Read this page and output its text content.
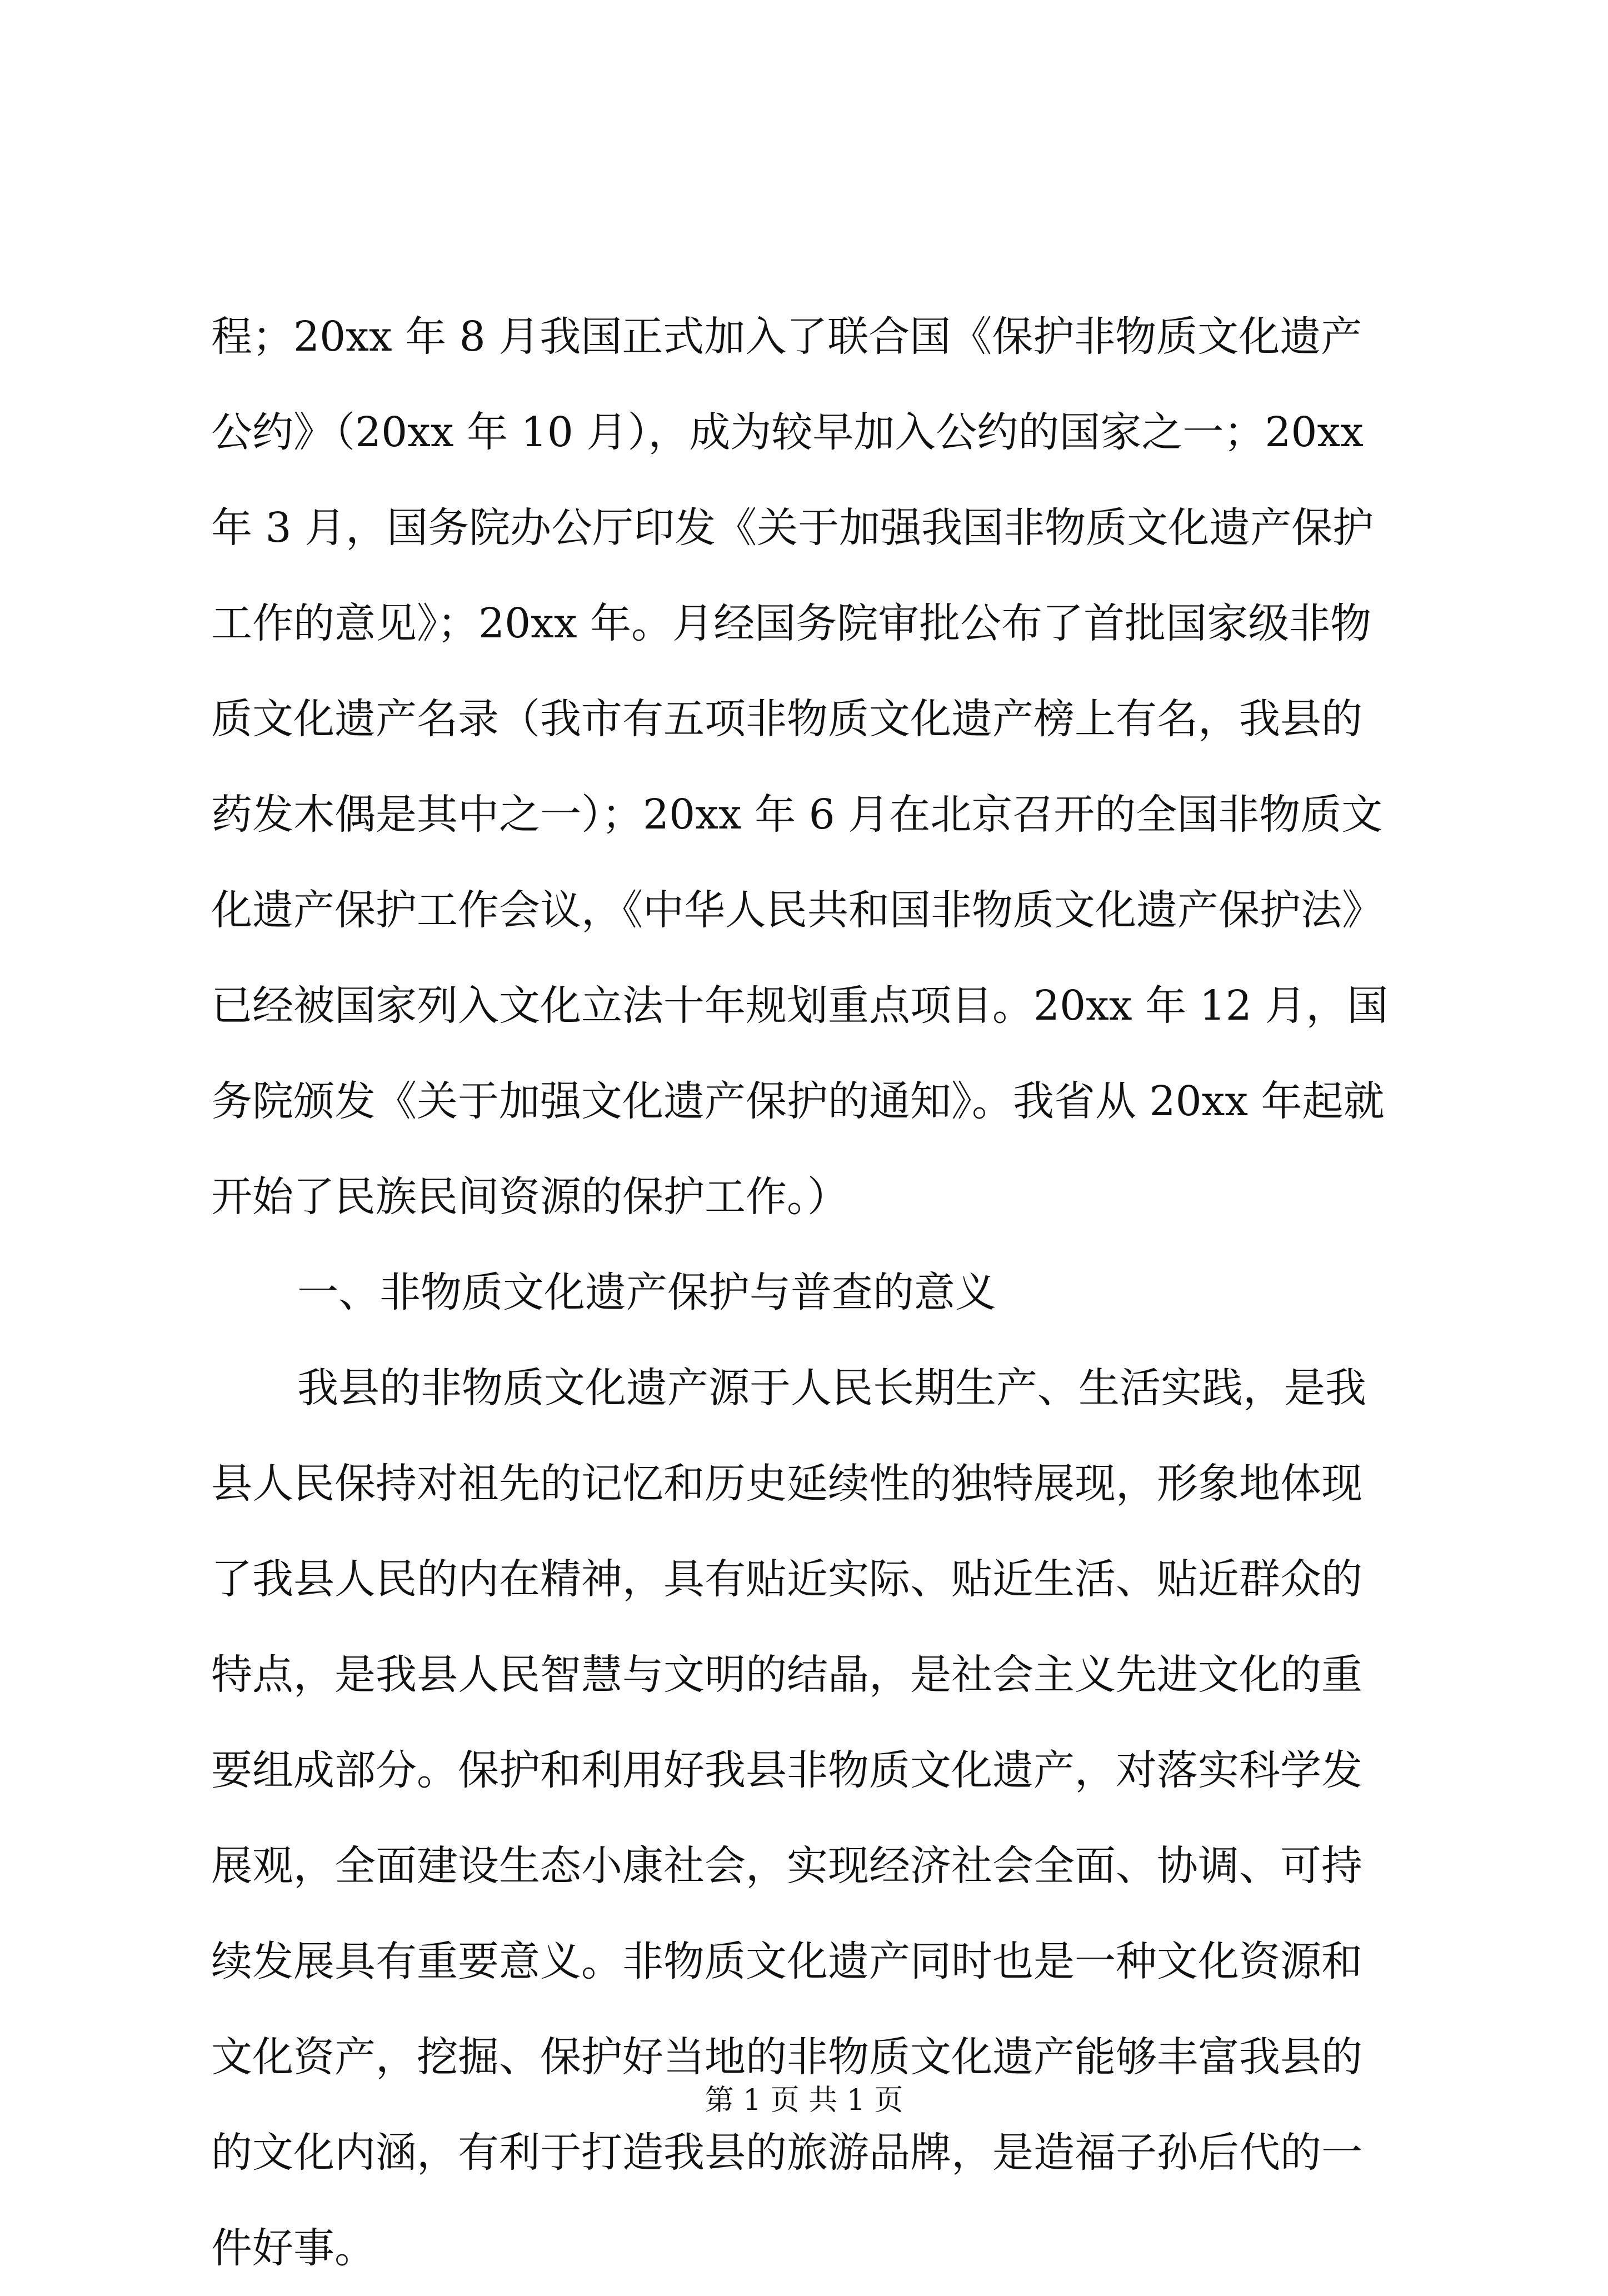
程；20xx 年 8 月我国正式加入了联合国《保护非物质文化遗产
公约》（20xx 年 10 月），成为较早加入公约的国家之一；20xx
年 3 月，国务院办公厅印发《关于加强我国非物质文化遗产保护
工作的意见》；20xx 年。月经国务院审批公布了首批国家级非物
质文化遗产名录（我市有五项非物质文化遗产榜上有名，我县的
药发木偶是其中之一）；20xx 年 6 月在北京召开的全国非物质文
化遗产保护工作会议，《中华人民共和国非物质文化遗产保护法》
已经被国家列入文化立法十年规划重点项目。20xx 年 12 月，国
务院颁发《关于加强文化遗产保护的通知》。我省从 20xx 年起就
开始了民族民间资源的保护工作。）
一、非物质文化遗产保护与普查的意义
我县的非物质文化遗产源于人民长期生产、生活实践，是我
县人民保持对祖先的记忆和历史延续性的独特展现，形象地体现
了我县人民的内在精神，具有贴近实际、贴近生活、贴近群众的
特点，是我县人民智慧与文明的结晶，是社会主义先进文化的重
要组成部分。保护和利用好我县非物质文化遗产，对落实科学发
展观，全面建设生态小康社会，实现经济社会全面、协调、可持
续发展具有重要意义。非物质文化遗产同时也是一种文化资源和
文化资产，挖掘、保护好当地的非物质文化遗产能够丰富我县的
的文化内涵，有利于打造我县的旅游品牌，是造福子孙后代的一
件好事。
第 1 页 共 1 页
